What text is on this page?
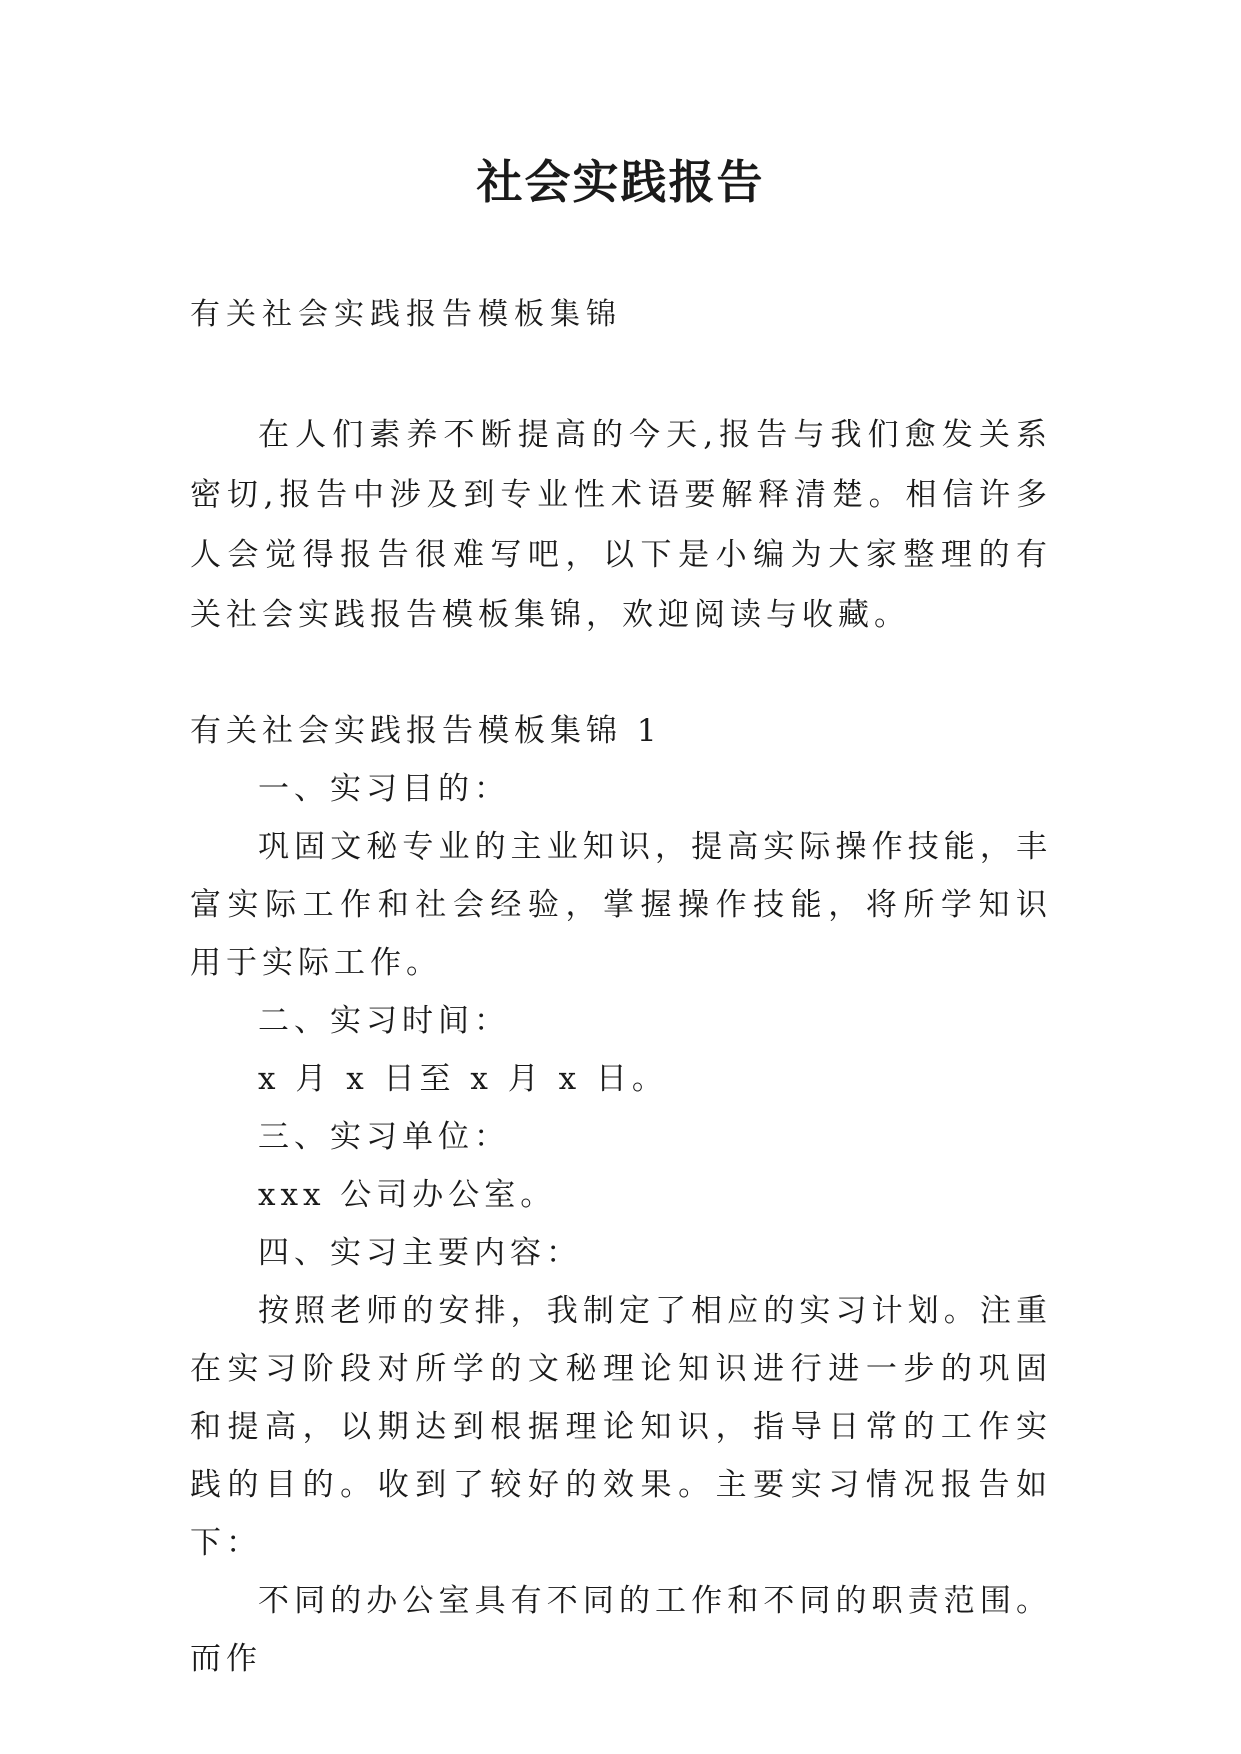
社会实践报告
有关社会实践报告模板集锦

在人们素养不断提高的今天,报告与我们愈发关系密切,报告中涉及到专业性术语要解释清楚。相信许多人会觉得报告很难写吧，以下是小编为大家整理的有关社会实践报告模板集锦，欢迎阅读与收藏。

有关社会实践报告模板集锦 1

一、实习目的：

巩固文秘专业的主业知识，提高实际操作技能，丰富实际工作和社会经验，掌握操作技能，将所学知识用于实际工作。

二、实习时间：

x 月 x 日至 x 月 x 日。

三、实习单位：

xxx 公司办公室。

四、实习主要内容：

按照老师的安排，我制定了相应的实习计划。注重在实习阶段对所学的文秘理论知识进行进一步的巩固和提高，以期达到根据理论知识，指导日常的工作实践的目的。收到了较好的效果。主要实习情况报告如下：

不同的办公室具有不同的工作和不同的职责范围。而作
